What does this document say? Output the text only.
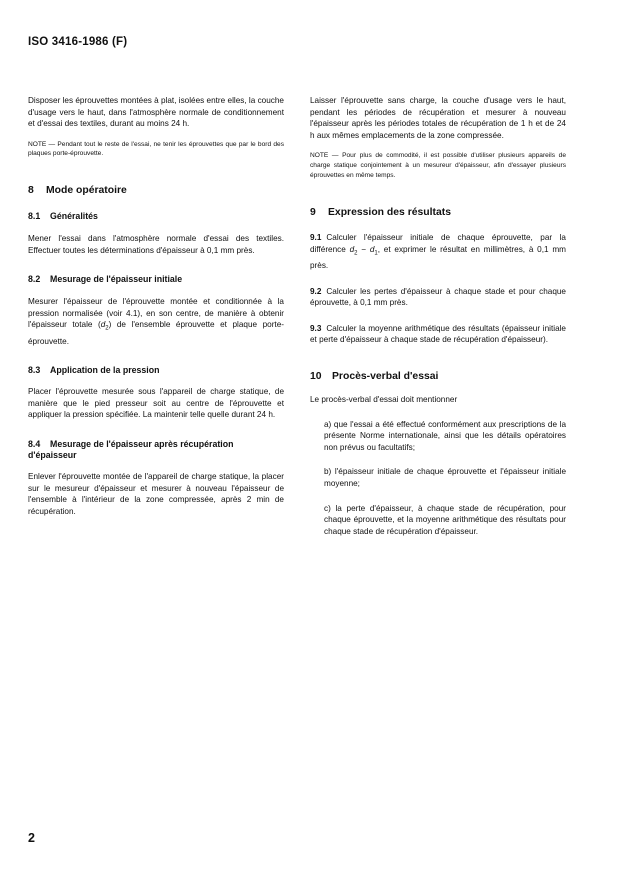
ISO 3416-1986 (F)

Disposer les éprouvettes montées à plat, isolées entre elles, la couche d'usage vers le haut, dans l'atmosphère normale de conditionnement et d'essai des textiles, durant au moins 24 h.

NOTE — Pendant tout le reste de l'essai, ne tenir les éprouvettes que par le bord des plaques porte-éprouvette.

8 Mode opératoire
8.1 Généralités

Mener l'essai dans l'atmosphère normale d'essai des textiles. Effectuer toutes les déterminations d'épaisseur à 0,1 mm près.

8.2 Mesurage de l'épaisseur initiale

Mesurer l'épaisseur de l'éprouvette montée et conditionnée à la pression normalisée (voir 4.1), en son centre, de manière à obtenir l'épaisseur totale $(d_2)$ de l'ensemble éprouvette et plaque porte-éprouvette.

8.3 Application de la pression

Placer l'éprouvette mesurée sous l'appareil de charge statique, de manière que le pied presseur soit au centre de l'éprouvette et appliquer la pression spécifiée. La maintenir telle quelle durant 24 h.

8.4 Mesurage de l'épaisseur après récupération
d'épaisseur

Enlever l'éprouvette montée de l'appareil de charge statique, la placer sur le mesureur d'épaisseur et mesurer à nouveau l'épaisseur de l'ensemble à l'intérieur de la zone compressée, après 2 min de récupération.

Laisser l'éprouvette sans charge, la couche d'usage vers le haut, pendant les périodes de récupération et mesurer à nouveau l'épaisseur après les périodes totales de récupération de 1 h et de 24 h aux mêmes emplacements de la zone compressée.

NOTE — Pour plus de commodité, il est possible d'utiliser plusieurs appareils de charge statique conjointement à un mesureur d'épaisseur, afin d'essayer plusieurs éprouvettes en même temps.

9 Expression des résultats

9.1 Calculer l'épaisseur initiale de chaque éprouvette, par la différence $d_2 - d_1$, et exprimer le résultat en millimètres, à 0,1 mm près.

9.2 Calculer les pertes d'épaisseur à chaque stade et pour chaque éprouvette, à 0,1 mm près.

9.3 Calculer la moyenne arithmétique des résultats (épaisseur initiale et perte d'épaisseur à chaque stade de récupération d'épaisseur).

10 Procès-verbal d'essai

Le procès-verbal d'essai doit mentionner

a) que l'essai a été effectué conformément aux prescriptions de la présente Norme internationale, ainsi que les détails opératoires non prévus ou facultatifs;

b) l'épaisseur initiale de chaque éprouvette et l'épaisseur initiale moyenne;

c) la perte d'épaisseur, à chaque stade de récupération, pour chaque éprouvette, et la moyenne arithmétique des résultats pour chaque stade de récupération d'épaisseur.

2
